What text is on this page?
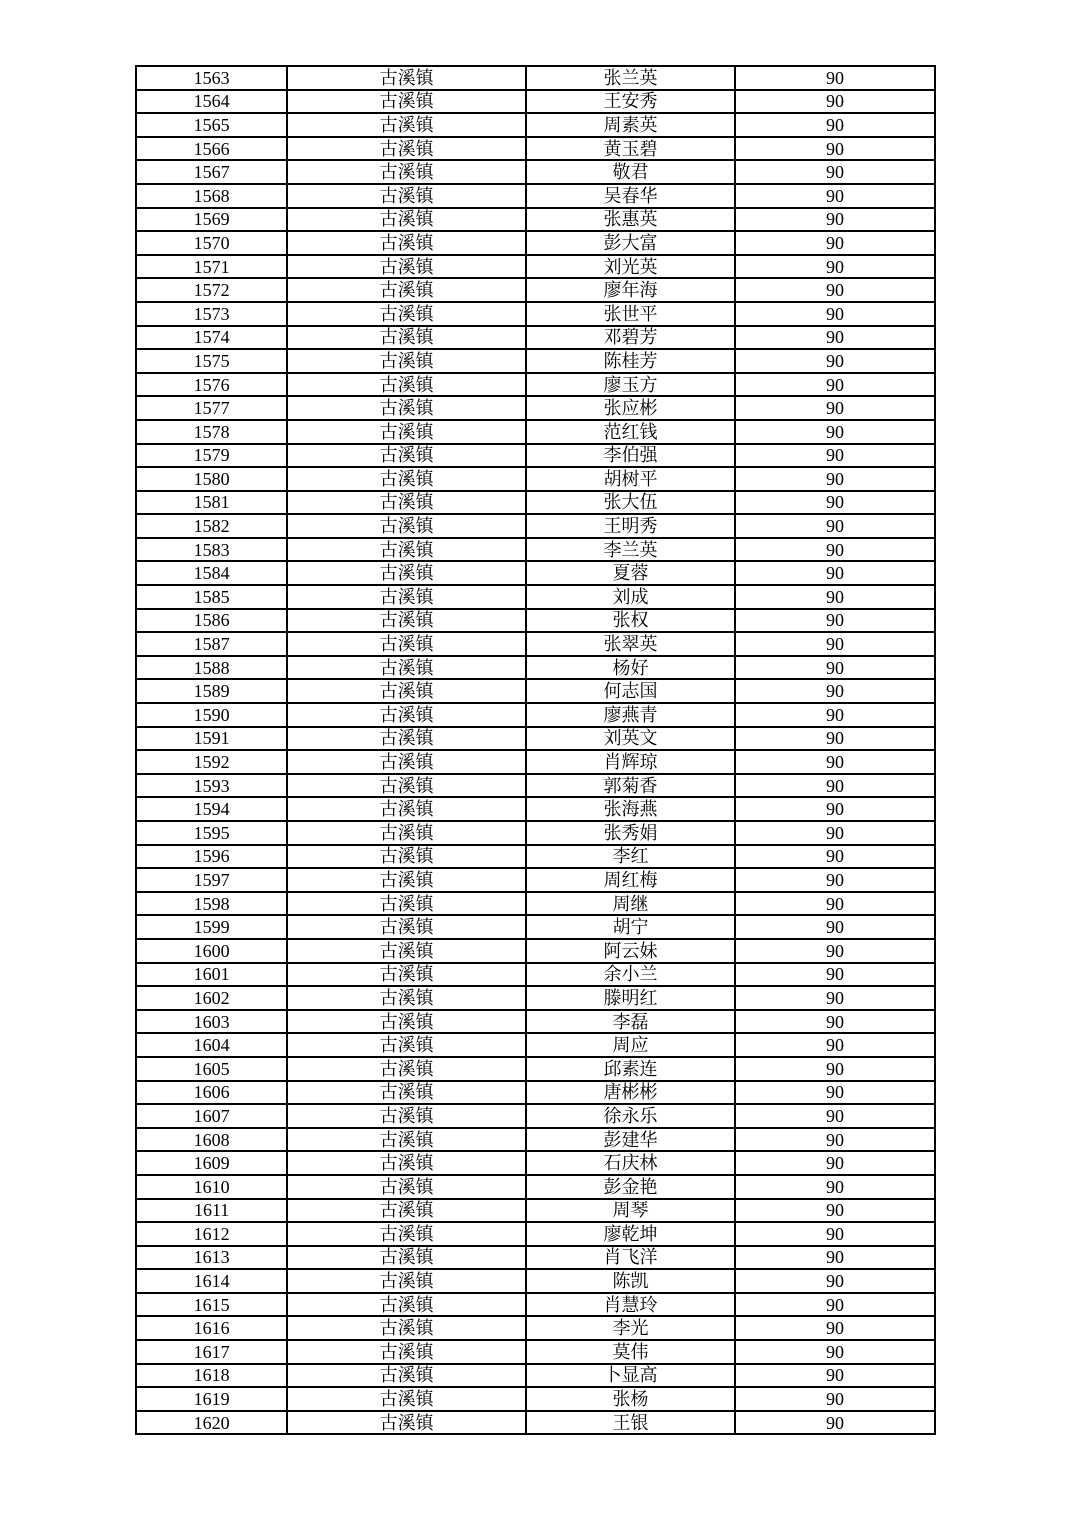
1563	古溪镇	张兰英	90
1564	古溪镇	王安秀	90
1565	古溪镇	周素英	90
1566	古溪镇	黄玉碧	90
1567	古溪镇	敬君	90
1568	古溪镇	吴春华	90
1569	古溪镇	张惠英	90
1570	古溪镇	彭大富	90
1571	古溪镇	刘光英	90
1572	古溪镇	廖年海	90
1573	古溪镇	张世平	90
1574	古溪镇	邓碧芳	90
1575	古溪镇	陈桂芳	90
1576	古溪镇	廖玉方	90
1577	古溪镇	张应彬	90
1578	古溪镇	范红钱	90
1579	古溪镇	李伯强	90
1580	古溪镇	胡树平	90
1581	古溪镇	张大伍	90
1582	古溪镇	王明秀	90
1583	古溪镇	李兰英	90
1584	古溪镇	夏蓉	90
1585	古溪镇	刘成	90
1586	古溪镇	张权	90
1587	古溪镇	张翠英	90
1588	古溪镇	杨好	90
1589	古溪镇	何志国	90
1590	古溪镇	廖燕青	90
1591	古溪镇	刘英文	90
1592	古溪镇	肖辉琼	90
1593	古溪镇	郭菊香	90
1594	古溪镇	张海燕	90
1595	古溪镇	张秀娟	90
1596	古溪镇	李红	90
1597	古溪镇	周红梅	90
1598	古溪镇	周继	90
1599	古溪镇	胡宁	90
1600	古溪镇	阿云妹	90
1601	古溪镇	余小兰	90
1602	古溪镇	滕明红	90
1603	古溪镇	李磊	90
1604	古溪镇	周应	90
1605	古溪镇	邱素连	90
1606	古溪镇	唐彬彬	90
1607	古溪镇	徐永乐	90
1608	古溪镇	彭建华	90
1609	古溪镇	石庆林	90
1610	古溪镇	彭金艳	90
1611	古溪镇	周琴	90
1612	古溪镇	廖乾坤	90
1613	古溪镇	肖飞洋	90
1614	古溪镇	陈凯	90
1615	古溪镇	肖慧玲	90
1616	古溪镇	李光	90
1617	古溪镇	莫伟	90
1618	古溪镇	卜显高	90
1619	古溪镇	张杨	90
1620	古溪镇	王银	90
